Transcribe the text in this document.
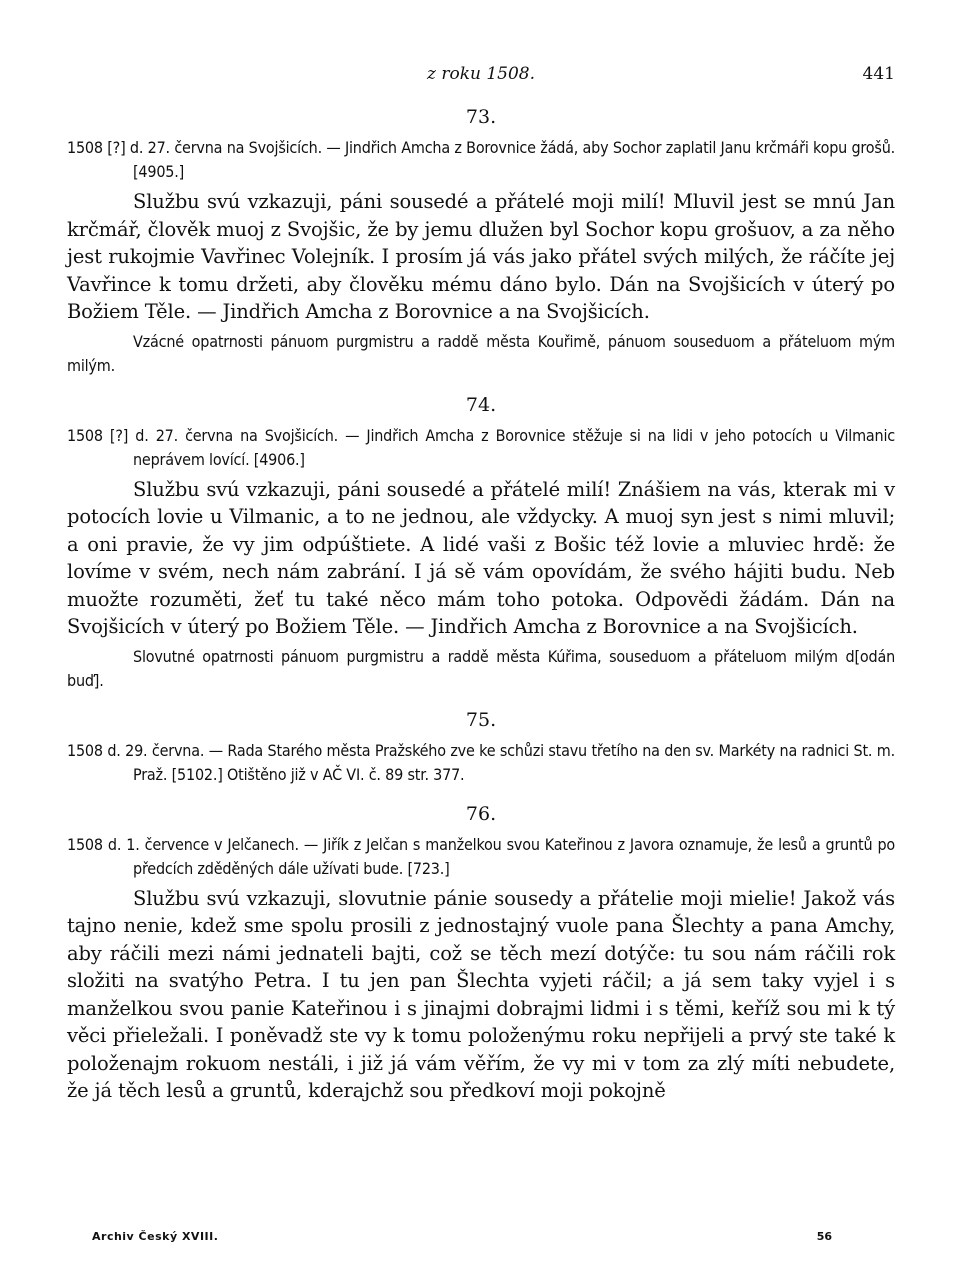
z roku 1508.	441

73.

1508 [?] d. 27. června na Svojšicích. — Jindřich Amcha z Borovnice žádá, aby Sochor zaplatil Janu krčmáři kopu grošů. [4905.]

Službu svú vzkazuji, páni sousedé a přátelé moji milí! Mluvil jest se mnú Jan krčmář, člověk muoj z Svojšic, že by jemu dlužen byl Sochor kopu grošuov, a za něho jest rukojmie Vavřinec Volejník. I prosím já vás jako přátel svých milých, že ráčíte jej Vavřince k tomu držeti, aby člověku mému dáno bylo. Dán na Svojšicích v úterý po Božiem Těle. — Jindřich Amcha z Borovnice a na Svojšicích.

Vzácné opatrnosti pánuom purgmistru a raddě města Kouřimě, pánuom souseduom a přáteluom mým milým.

74.

1508 [?] d. 27. června na Svojšicích. — Jindřich Amcha z Borovnice stěžuje si na lidi v jeho potocích u Vilmanic neprávem lovící. [4906.]

Službu svú vzkazuji, páni sousedé a přátelé milí! Znášiem na vás, kterak mi v potocích lovie u Vilmanic, a to ne jednou, ale vždycky. A muoj syn jest s nimi mluvil; a oni pravie, že vy jim odpúštiete. A lidé vaši z Bošic též lovie a mluviec hrdě: že lovíme v svém, nech nám zabrání. I já sě vám opovídám, že svého hájiti budu. Neb muožte rozuměti, žeť tu také něco mám toho potoka. Odpovědi žádám. Dán na Svojšicích v úterý po Božiem Těle. — Jindřich Amcha z Borovnice a na Svojšicích.

Slovutné opatrnosti pánuom purgmistru a raddě města Kúřima, souseduom a přáteluom milým d[odán buď].

75.

1508 d. 29. června. — Rada Starého města Pražského zve ke schůzi stavu třetího na den sv. Markéty na radnici St. m. Praž. [5102.] Otištěno již v AČ VI. č. 89 str. 377.

76.

1508 d. 1. července v Jelčanech. — Jiřík z Jelčan s manželkou svou Kateřinou z Javora oznamuje, že lesů a gruntů po předcích zděděných dále užívati bude. [723.]

Službu svú vzkazuji, slovutnie pánie sousedy a přátelie moji mielie! Jakož vás tajno nenie, kdež sme spolu prosili z jednostajný vuole pana Šlechty a pana Amchy, aby ráčili mezi námi jednateli bajti, což se těch mezí dotýče: tu sou nám ráčili rok složiti na svatýho Petra. I tu jen pan Šlechta vyjeti ráčil; a já sem taky vyjel i s manželkou svou panie Kateřinou i s jinajmi dobrajmi lidmi i s těmi, keříž sou mi k tý věci přieležali. I poněvadž ste vy k tomu položenýmu roku nepřijeli a prvý ste také k položenajm rokuom nestáli, i již já vám věřím, že vy mi v tom za zlý míti nebudete, že já těch lesů a gruntů, kderajchž sou předkoví moji pokojně

Archiv Český XVIII.	56
